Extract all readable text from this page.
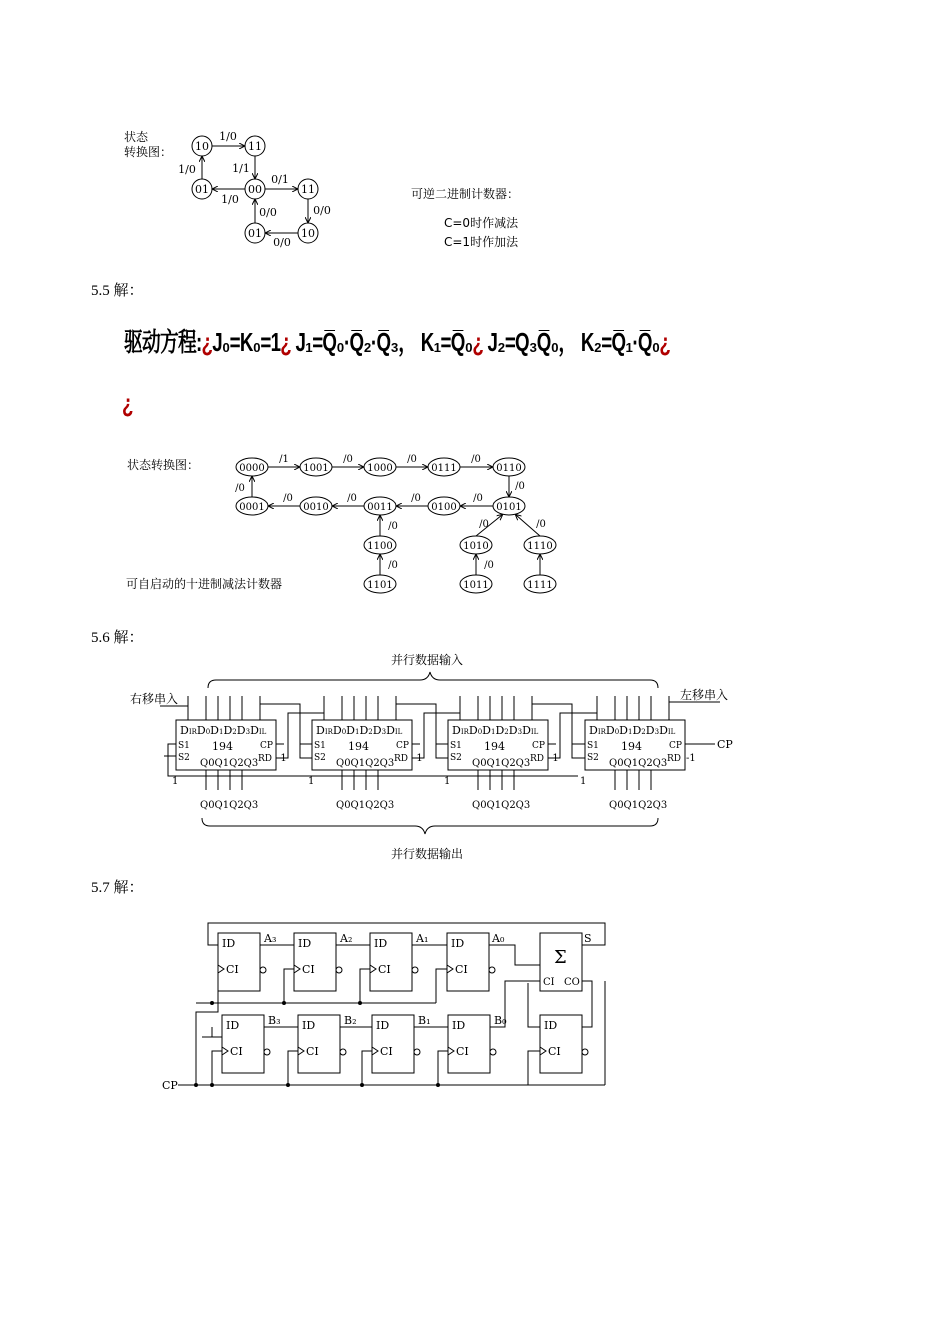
状态
转换图： 10	11
01	00	11
01	10
1/0
1/0	1/1
1/0
0/1
0/0
0/0
0/0
可逆二进制计数器：
C=0时作减法
C=1时作加法
5.5 解：
驱动方程:¿J₀=K₀=1¿ J₁=Q̅₀·Q̅₂·Q̅₃， K₁=Q̅₀¿ J₂=Q₃Q̅₀， K₂=Q̅₁·Q̅₀¿
¿
状态转换图：
可自启动的十进制减法计数器
0000	1001	1000	0111	0110
0001	0010	0011	0100	0101
1100	1010	1110
1101	1011	1111
/1	/0	/0	/0
/0
/0
/0
/0
/0
/0
/0	/0	/0
/0	/0
5.6 解：
并行数据输入
右移串入	左移串入
并行数据输出
DIRD0D1D2D3DIL	DIRD0D1D2D3DIL	DIRD0D1D2D3DIL	DIRD0D1D2D3DIL
194	194	194	194
S1
S2
S1
S2
S1
S2
S1
S2
CP	CP	CP	CP
RD	RD	RD	RD
-1	-1	-1	-1
Q0Q1Q2Q3	Q0Q1Q2Q3	Q0Q1Q2Q3	Q0Q1Q2Q3
Q0Q1Q2Q3	Q0Q1Q2Q3	Q0Q1Q2Q3	Q0Q1Q2Q3
1	1	1	1
CP
5.7 解：
ID	ID	ID	ID
ID	ID	ID	ID	ID
CI	CI	CI	CI
CI	CI	CI	CI	CI
A₃	A₂	A₁	A₀
B₃	B₂	B₁	B₀
Σ
S
CI CO
CP
